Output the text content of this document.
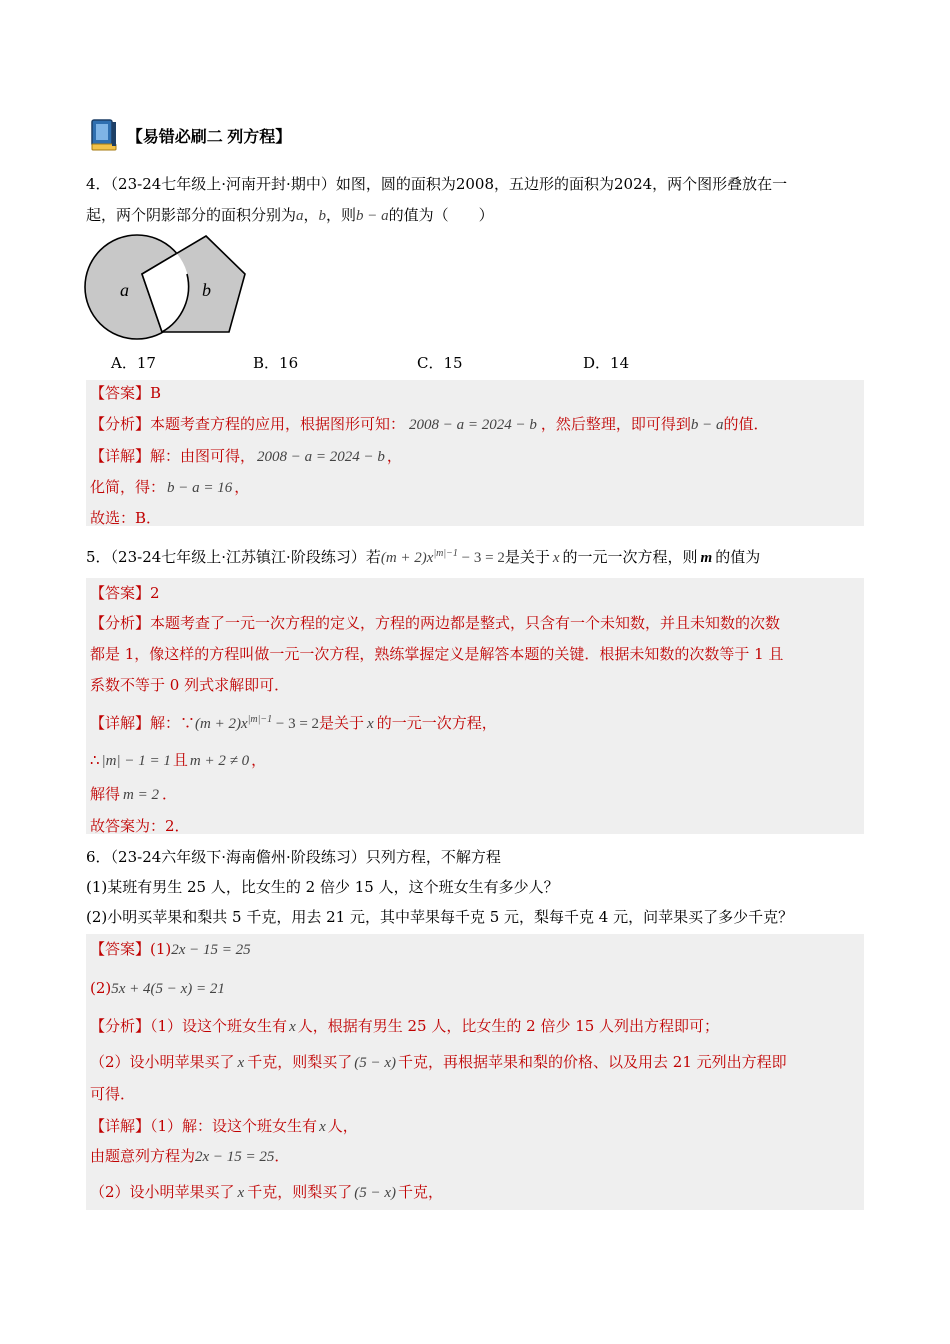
【易错必刷二 列方程】
4．（23-24七年级上·河南开封·期中）如图，圆的面积为2008，五边形的面积为2024，两个图形叠放在一
起，两个阴影部分的面积分别为a，b，则b − a的值为（　　）
a	b
A．17	B．16	C．15	D．14
【答案】B
【分析】本题考查方程的应用，根据图形可知： 2008 − a = 2024 − b ，然后整理，即可得到b − a的值．
【详解】解：由图可得， 2008 − a = 2024 − b ，
化简，得： b − a = 16 ，
故选：B．
5．（23-24七年级上·江苏镇江·阶段练习）若$(m + 2)x^{|m|-1} - 3 = 2$是关于 x 的一元一次方程，则 m 的值为
【答案】2
【分析】本题考查了一元一次方程的定义，方程的两边都是整式，只含有一个未知数，并且未知数的次数
都是 1，像这样的方程叫做一元一次方程，熟练掌握定义是解答本题的关键．根据未知数的次数等于 1 且
系数不等于 0 列式求解即可．
【详解】解：∵(m + $2)x^{|m|-1} - 3 = 2$是关于 x 的一元一次方程，
∴ |m| − 1 = 1 且 m + 2 ≠ 0 ，
解得 m = 2 ．
故答案为：2．
6．（23-24六年级下·海南儋州·阶段练习）只列方程，不解方程
(1)某班有男生 25 人，比女生的 2 倍少 15 人，这个班女生有多少人？
(2)小明买苹果和梨共 5 千克，用去 21 元，其中苹果每千克 5 元，梨每千克 4 元，问苹果买了多少千克？
【答案】(1)2x − 15 = 25
(2)5x + 4(5 − x) = 21
【分析】（1）设这个班女生有 x 人，根据有男生 25 人，比女生的 2 倍少 15 人列出方程即可；
（2）设小明苹果买了 x 千克，则梨买了 (5 − x) 千克，再根据苹果和梨的价格、以及用去 21 元列出方程即
可得．
【详解】（1）解：设这个班女生有 x 人，
由题意列方程为2x − 15 = 25．
（2）设小明苹果买了 x 千克，则梨买了 (5 − x) 千克，
